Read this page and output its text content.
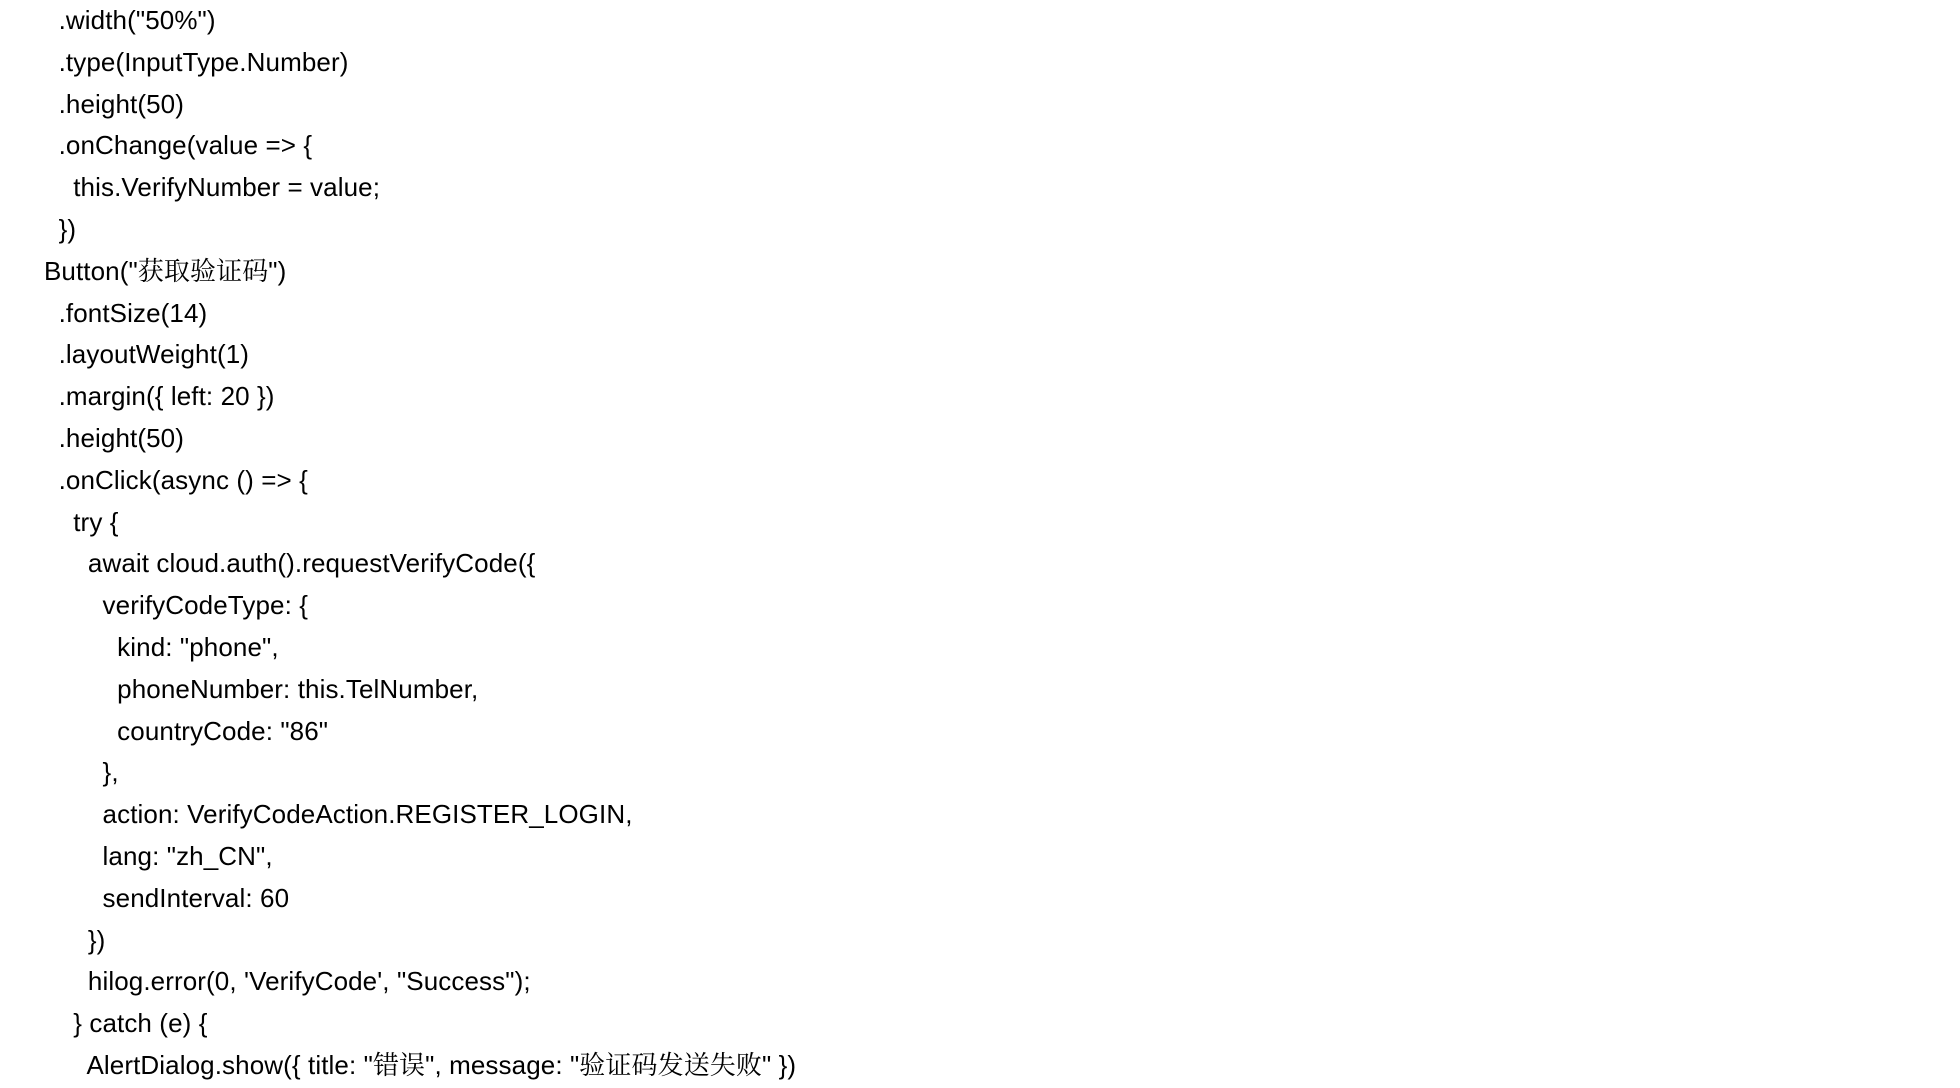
.width("50%")
.type(InputType.Number)
.height(50)
.onChange(value => {
this.VerifyNumber = value;
})
Button("获取验证码")
.fontSize(14)
.layoutWeight(1)
.margin({ left: 20 })
.height(50)
.onClick(async () => {
try {
await cloud.auth().requestVerifyCode({
verifyCodeType: {
kind: "phone",
phoneNumber: this.TelNumber,
countryCode: "86"
},
action: VerifyCodeAction.REGISTER_LOGIN,
lang: "zh_CN",
sendInterval: 60
})
hilog.error(0, 'VerifyCode', "Success");
} catch (e) {
AlertDialog.show({ title: "错误", message: "验证码发送失败" })
